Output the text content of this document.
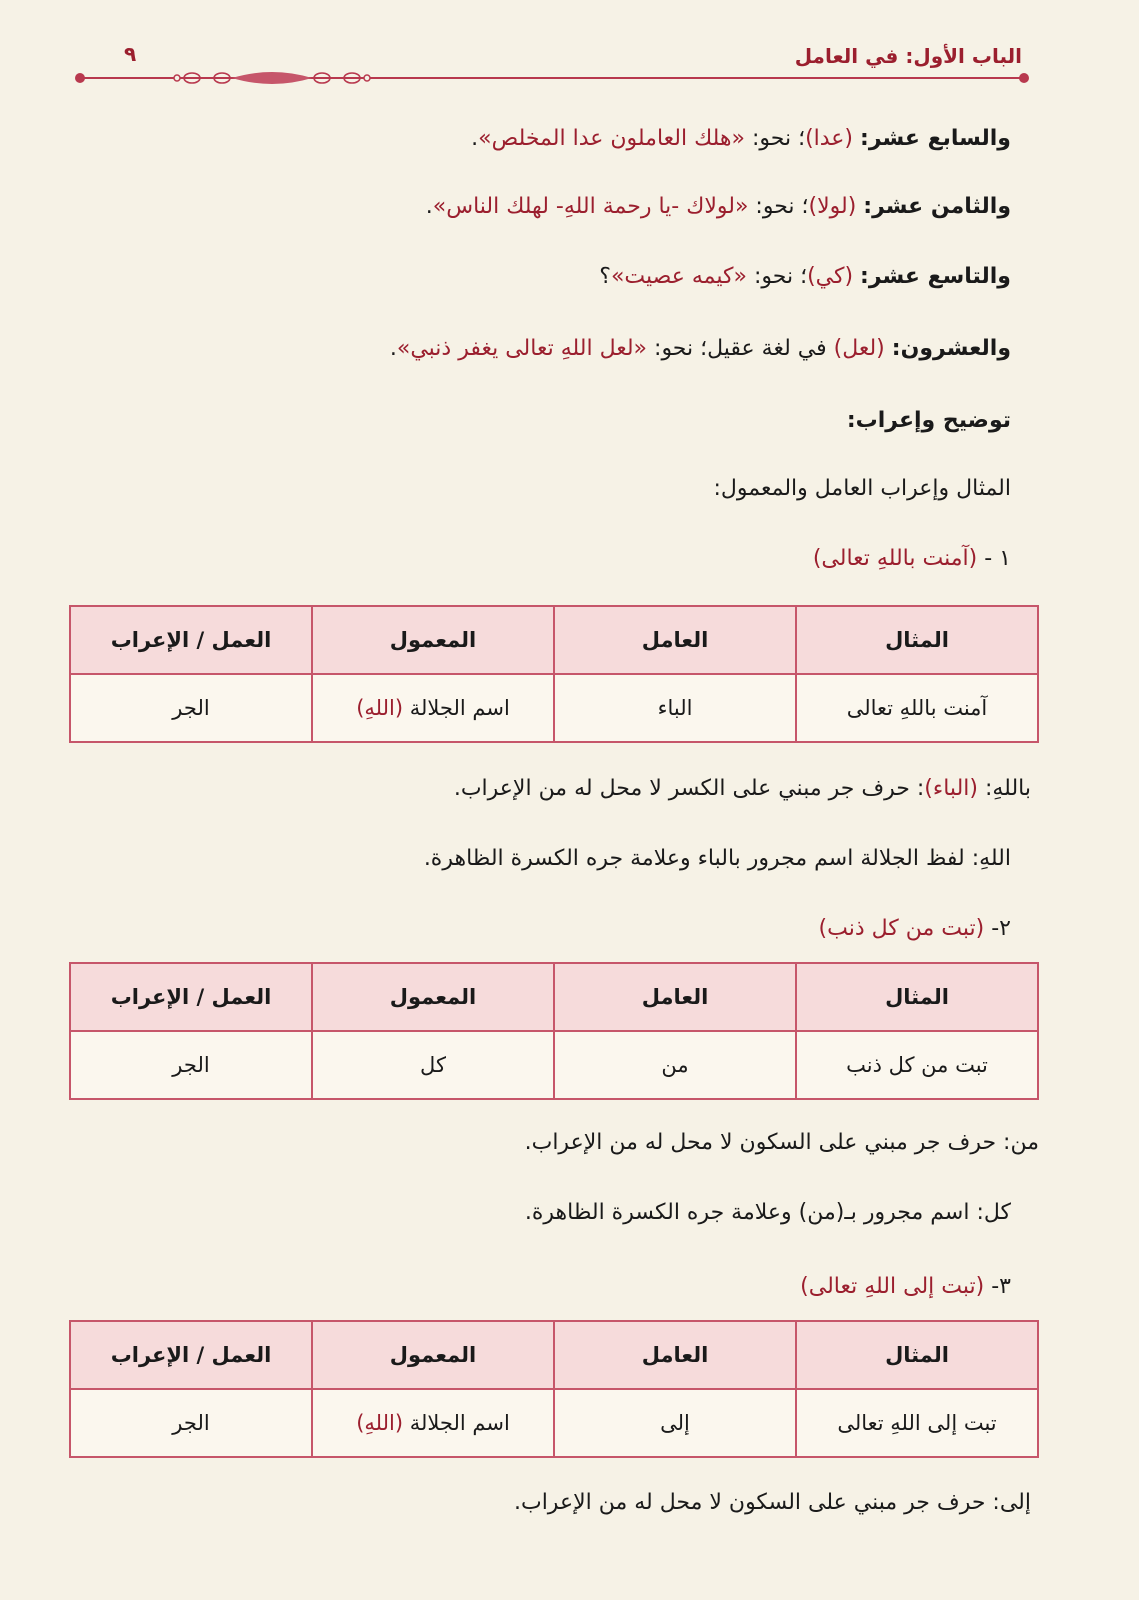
الباب الأول: في العامل
٩
والسابع عشر: (عدا)؛ نحو: «هلك العاملون عدا المخلص».
والثامن عشر: (لولا)؛ نحو: «لولاك -يا رحمة اللهِ- لهلك الناس».
والتاسع عشر: (كي)؛ نحو: «كيمه عصيت»؟
والعشرون: (لعل) في لغة عقيل؛ نحو: «لعل اللهِ تعالى يغفر ذنبي».
توضيح وإعراب:
المثال وإعراب العامل والمعمول:
١ - (آمنت باللهِ تعالى)
المثال	العامل	المعمول	العمل / الإعراب
آمنت باللهِ تعالى	الباء	اسم الجلالة (اللهِ)	الجر
باللهِ: (الباء): حرف جر مبني على الكسر لا محل له من الإعراب.
اللهِ: لفظ الجلالة اسم مجرور بالباء وعلامة جره الكسرة الظاهرة.
٢- (تبت من كل ذنب)
المثال	العامل	المعمول	العمل / الإعراب
تبت من كل ذنب	من	كل	الجر
من: حرف جر مبني على السكون لا محل له من الإعراب.
كل: اسم مجرور بـ(من) وعلامة جره الكسرة الظاهرة.
٣- (تبت إلى اللهِ تعالى)
المثال	العامل	المعمول	العمل / الإعراب
تبت إلى اللهِ تعالى	إلى	اسم الجلالة (اللهِ)	الجر
إلى: حرف جر مبني على السكون لا محل له من الإعراب.
